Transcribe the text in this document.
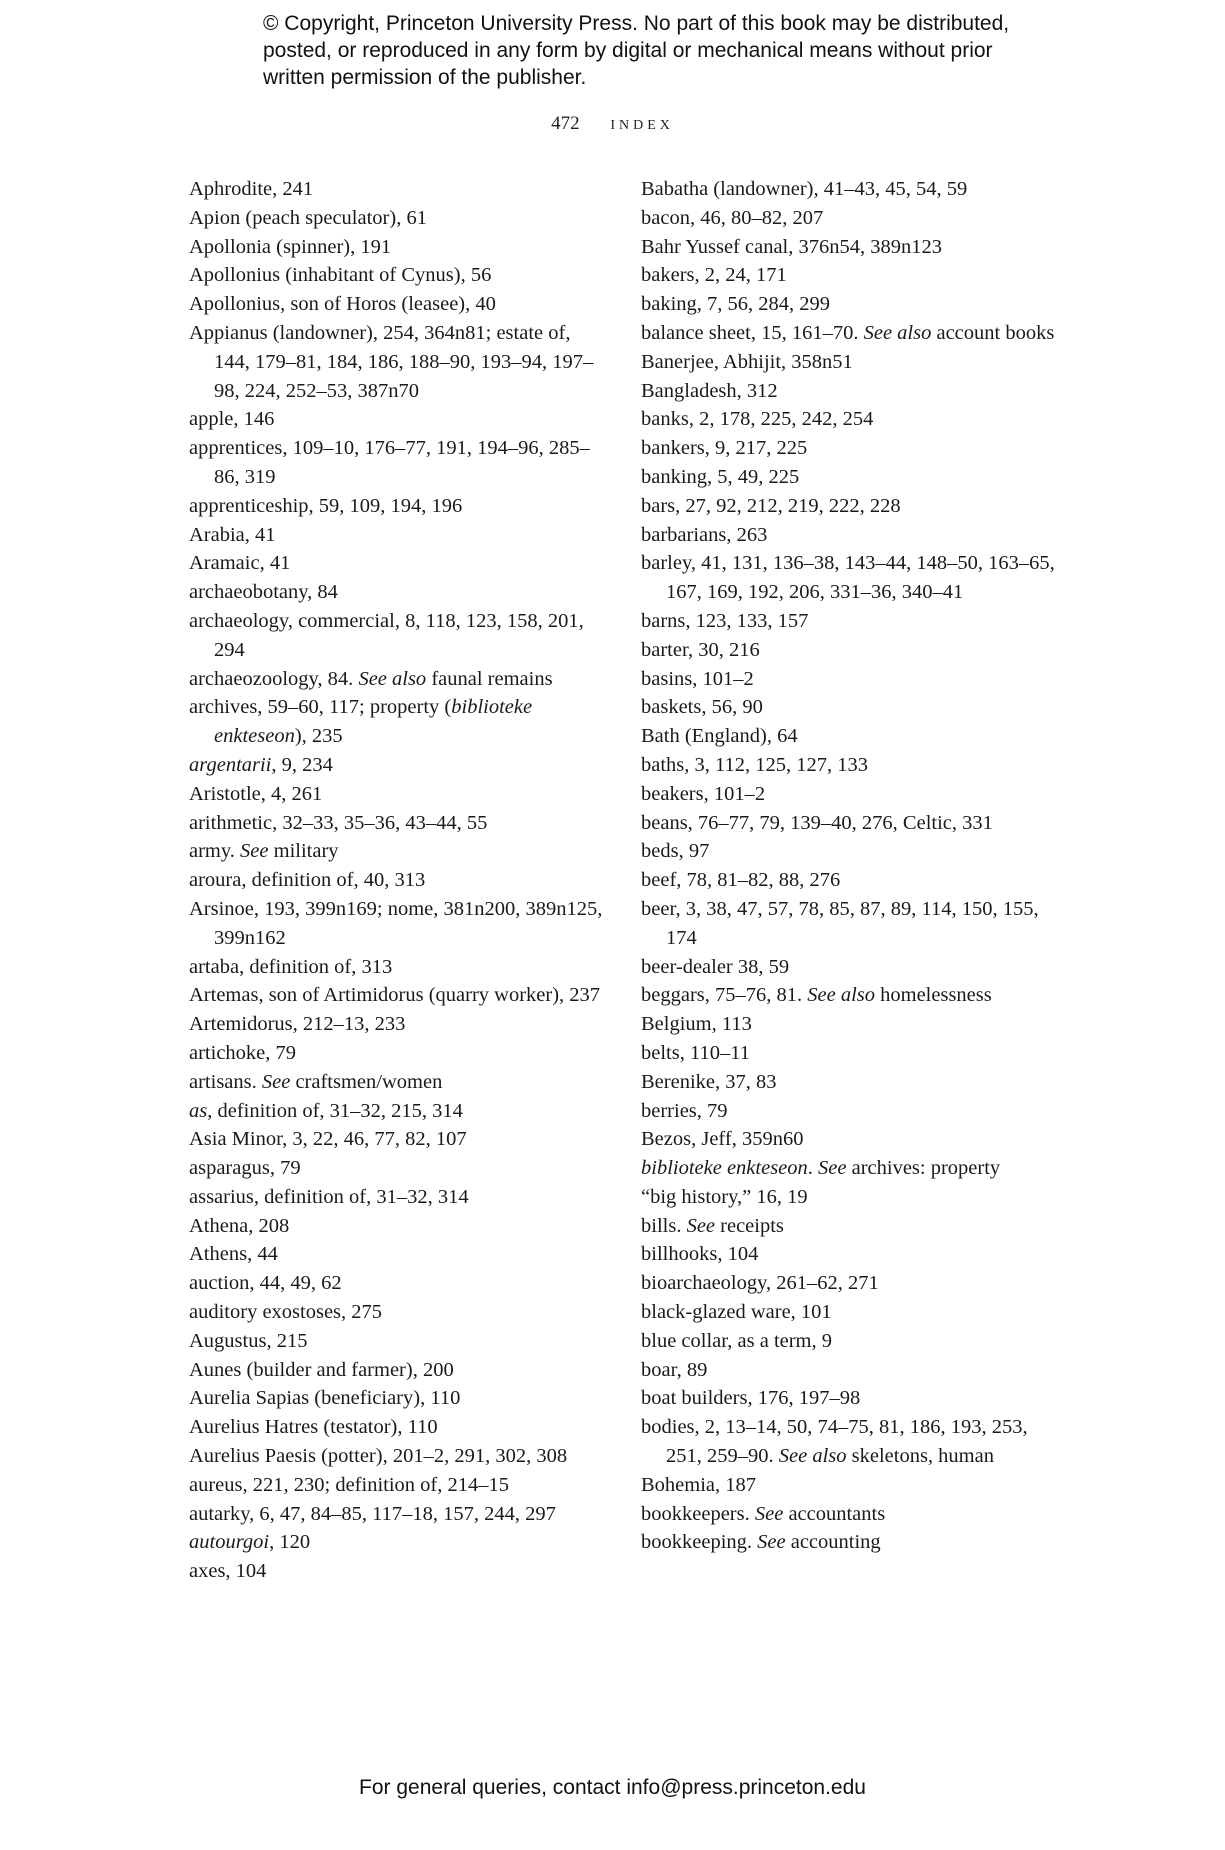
© Copyright, Princeton University Press. No part of this book may be distributed, posted, or reproduced in any form by digital or mechanical means without prior written permission of the publisher.
472 index

Aphrodite, 241

Apion (peach speculator), 61

Apollonia (spinner), 191

Apollonius (inhabitant of Cynus), 56

Apollonius, son of Horos (leasee), 40

Appianus (landowner), 254, 364n81; estate of, 144, 179–81, 184, 186, 188–90, 193–94, 197–98, 224, 252–53, 387n70

apple, 146

apprentices, 109–10, 176–77, 191, 194–96, 285–86, 319

apprenticeship, 59, 109, 194, 196

Arabia, 41

Aramaic, 41

archaeobotany, 84

archaeology, commercial, 8, 118, 123, 158, 201, 294

archaeozoology, 84. See also faunal remains

archives, 59–60, 117; property (biblioteke enkteseon), 235

argentarii, 9, 234

Aristotle, 4, 261

arithmetic, 32–33, 35–36, 43–44, 55

army. See military

aroura, definition of, 40, 313

Arsinoe, 193, 399n169; nome, 381n200, 389n125, 399n162

artaba, definition of, 313

Artemas, son of Artimidorus (quarry worker), 237

Artemidorus, 212–13, 233

artichoke, 79

artisans. See craftsmen/women

as, definition of, 31–32, 215, 314

Asia Minor, 3, 22, 46, 77, 82, 107

asparagus, 79

assarius, definition of, 31–32, 314

Athena, 208

Athens, 44

auction, 44, 49, 62

auditory exostoses, 275

Augustus, 215

Aunes (builder and farmer), 200

Aurelia Sapias (beneficiary), 110

Aurelius Hatres (testator), 110

Aurelius Paesis (potter), 201–2, 291, 302, 308

aureus, 221, 230; definition of, 214–15

autarky, 6, 47, 84–85, 117–18, 157, 244, 297

autourgoi, 120

axes, 104

Babatha (landowner), 41–43, 45, 54, 59

bacon, 46, 80–82, 207

Bahr Yussef canal, 376n54, 389n123

bakers, 2, 24, 171

baking, 7, 56, 284, 299

balance sheet, 15, 161–70. See also account books

Banerjee, Abhijit, 358n51

Bangladesh, 312

banks, 2, 178, 225, 242, 254

bankers, 9, 217, 225

banking, 5, 49, 225

bars, 27, 92, 212, 219, 222, 228

barbarians, 263

barley, 41, 131, 136–38, 143–44, 148–50, 163–65, 167, 169, 192, 206, 331–36, 340–41

barns, 123, 133, 157

barter, 30, 216

basins, 101–2

baskets, 56, 90

Bath (England), 64

baths, 3, 112, 125, 127, 133

beakers, 101–2

beans, 76–77, 79, 139–40, 276, Celtic, 331

beds, 97

beef, 78, 81–82, 88, 276

beer, 3, 38, 47, 57, 78, 85, 87, 89, 114, 150, 155, 174

beer-dealer 38, 59

beggars, 75–76, 81. See also homelessness

Belgium, 113

belts, 110–11

Berenike, 37, 83

berries, 79

Bezos, Jeff, 359n60

biblioteke enkteseon. See archives: property

“big history,” 16, 19

bills. See receipts

billhooks, 104

bioarchaeology, 261–62, 271

black-glazed ware, 101

blue collar, as a term, 9

boar, 89

boat builders, 176, 197–98

bodies, 2, 13–14, 50, 74–75, 81, 186, 193, 253, 251, 259–90. See also skeletons, human

Bohemia, 187

bookkeepers. See accountants

bookkeeping. See accounting

For general queries, contact info@press.princeton.edu
